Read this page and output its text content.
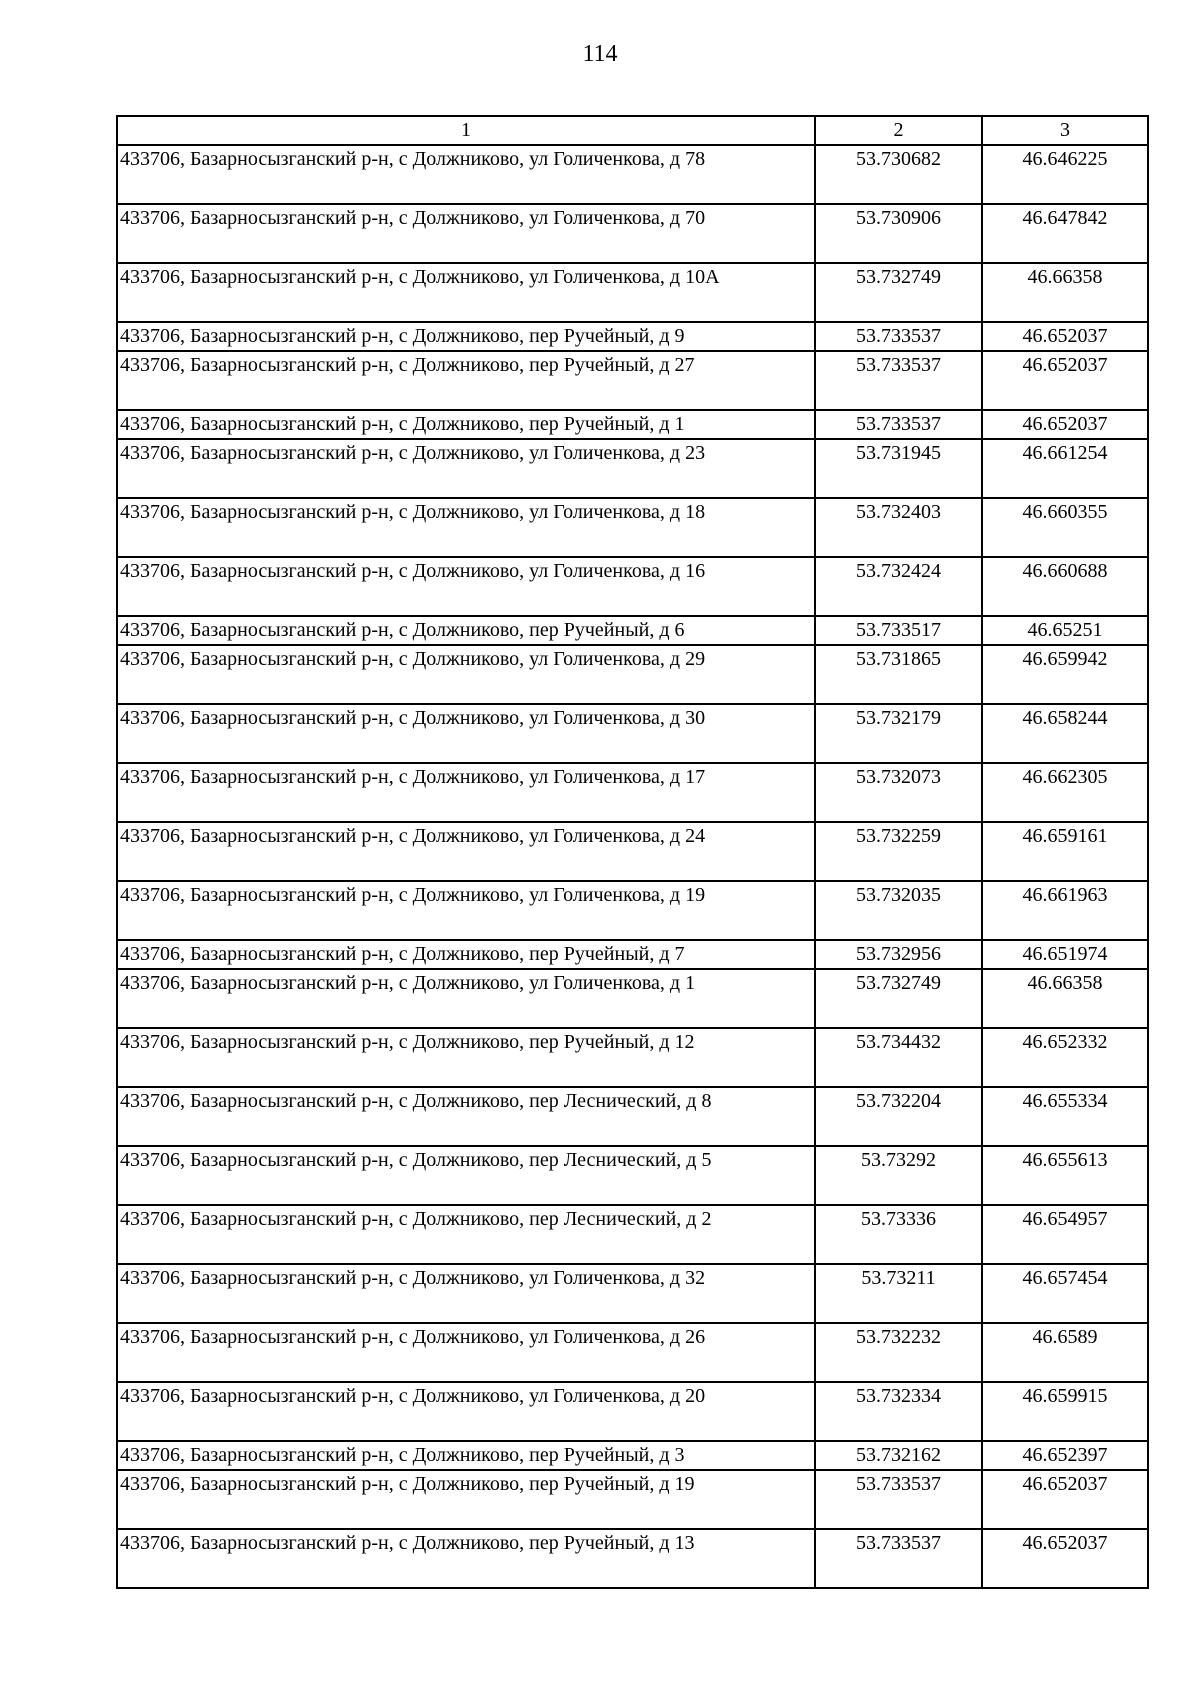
114
1	2	3
433706, Базарносызганский р-н, с Должниково, ул Голиченкова, д 78	53.730682	46.646225
433706, Базарносызганский р-н, с Должниково, ул Голиченкова, д 70	53.730906	46.647842
433706, Базарносызганский р-н, с Должниково, ул Голиченкова, д 10А	53.732749	46.66358
433706, Базарносызганский р-н, с Должниково, пер Ручейный, д 9	53.733537	46.652037
433706, Базарносызганский р-н, с Должниково, пер Ручейный, д 27	53.733537	46.652037
433706, Базарносызганский р-н, с Должниково, пер Ручейный, д 1	53.733537	46.652037
433706, Базарносызганский р-н, с Должниково, ул Голиченкова, д 23	53.731945	46.661254
433706, Базарносызганский р-н, с Должниково, ул Голиченкова, д 18	53.732403	46.660355
433706, Базарносызганский р-н, с Должниково, ул Голиченкова, д 16	53.732424	46.660688
433706, Базарносызганский р-н, с Должниково, пер Ручейный, д 6	53.733517	46.65251
433706, Базарносызганский р-н, с Должниково, ул Голиченкова, д 29	53.731865	46.659942
433706, Базарносызганский р-н, с Должниково, ул Голиченкова, д 30	53.732179	46.658244
433706, Базарносызганский р-н, с Должниково, ул Голиченкова, д 17	53.732073	46.662305
433706, Базарносызганский р-н, с Должниково, ул Голиченкова, д 24	53.732259	46.659161
433706, Базарносызганский р-н, с Должниково, ул Голиченкова, д 19	53.732035	46.661963
433706, Базарносызганский р-н, с Должниково, пер Ручейный, д 7	53.732956	46.651974
433706, Базарносызганский р-н, с Должниково, ул Голиченкова, д 1	53.732749	46.66358
433706, Базарносызганский р-н, с Должниково, пер Ручейный, д 12	53.734432	46.652332
433706, Базарносызганский р-н, с Должниково, пер Леснический, д 8	53.732204	46.655334
433706, Базарносызганский р-н, с Должниково, пер Леснический, д 5	53.73292	46.655613
433706, Базарносызганский р-н, с Должниково, пер Леснический, д 2	53.73336	46.654957
433706, Базарносызганский р-н, с Должниково, ул Голиченкова, д 32	53.73211	46.657454
433706, Базарносызганский р-н, с Должниково, ул Голиченкова, д 26	53.732232	46.6589
433706, Базарносызганский р-н, с Должниково, ул Голиченкова, д 20	53.732334	46.659915
433706, Базарносызганский р-н, с Должниково, пер Ручейный, д 3	53.732162	46.652397
433706, Базарносызганский р-н, с Должниково, пер Ручейный, д 19	53.733537	46.652037
433706, Базарносызганский р-н, с Должниково, пер Ручейный, д 13	53.733537	46.652037
